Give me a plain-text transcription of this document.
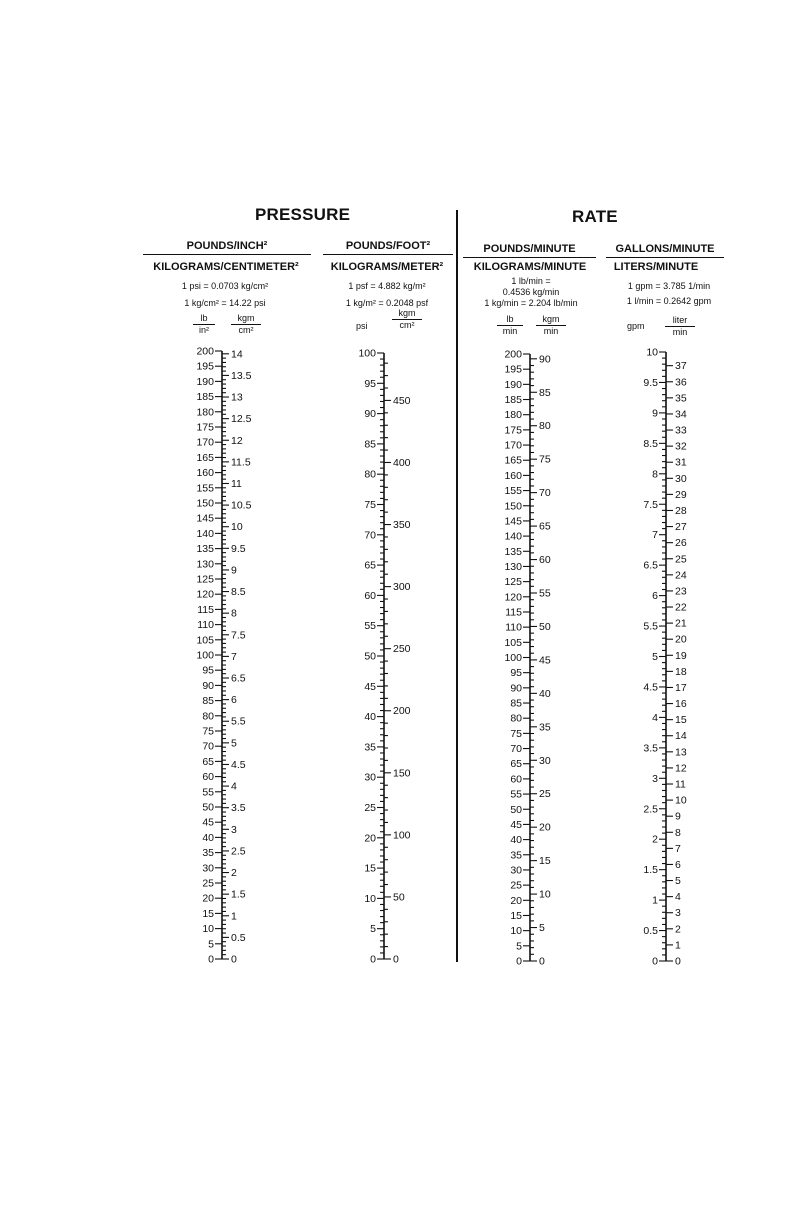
PRESSURE	RATE
POUNDS/INCH²
KILOGRAMS/CENTIMETER²
1 psi = 0.0703 kg/cm²
1 kg/cm² = 14.22 psi
$\frac{lb}{\text{in²}}$	kgm
cm²
POUNDS/FOOT²
KILOGRAMS/METER²
1 psf = 4.882 kg/m²
1 kg/m² = 0.2048 psf
psi
kgm
cm²
POUNDS/MINUTE
KILOGRAMS/MINUTE
1 lb/min =
0.4536 kg/min
1 kg/min = 2.204 lb/min
lb
min
kgm
min
GALLONS/MINUTE
LITERS/MINUTE
1 gpm = 3.785 1/min
1 l/min = 0.2642 gpm
gpm
liter
min
200
195
190
185
180
175
170
165
160
155
150
145
140
135
130
125
120
115
110
105
100
95
90
85
80
75
70
65
60
55
50
45
40
35
30
25
20
15
10
5
0
14
13.5
13
12.5
12
11.5
11
10.5
10
9.5
9
8.5
8
7.5
7
6.5
6
5.5
5
4.5
4
3.5
3
2.5
2
1.5
1
0.5
0
100
95
90
85
80
75
70
65
60
55
50
45
40
35
30
25
20
15
10
5
0
450
400
350
300
250
200
150
100
50
0
200
195
190
185
180
175
170
165
160
155
150
145
140
135
130
125
120
115
110
105
100
95
90
85
80
75
70
65
60
55
50
45
40
35
30
25
20
15
10
5
0
90
85
80
75
70
65
60
55
50
45
40
35
30
25
20
15
10
5
0
10
9.5
9
8.5
8
7.5
7
6.5
6
5.5
5
4.5
4
3.5
3
2.5
2
1.5
1
0.5
0
37
36
35
34
33
32
31
30
29
28
27
26
25
24
23
22
21
20
19
18
17
16
15
14
13
12
11
10
9
8
7
6
5
4
3
2
1
0
